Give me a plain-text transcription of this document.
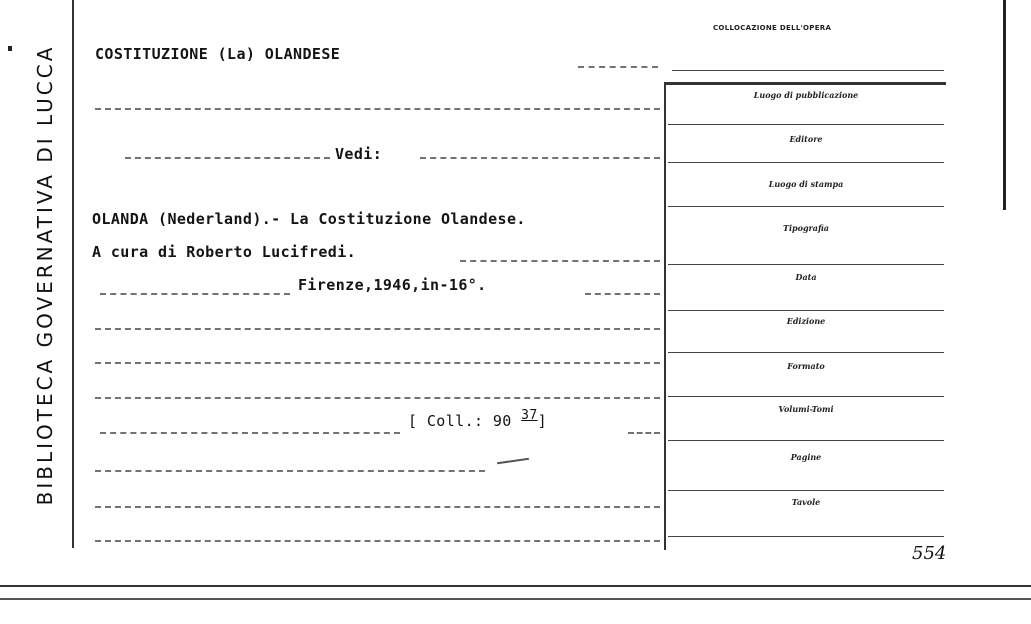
BIBLIOTECA GOVERNATIVA DI LUCCA	COSTITUZIONE (La) OLANDESE
Vedi:
OLANDA (Nederland).- La Costituzione Olandese.
A cura di Roberto Lucifredi.
Firenze,1946,in-16°.
[ Coll.: 90 37]
COLLOCAZIONE DELL'OPERA
Luogo di pubblicazione
Editore
Luogo di stampa
Tipografia
Data
Edizione
Formato
Volumi-Tomi
Pagine
Tavole
554
